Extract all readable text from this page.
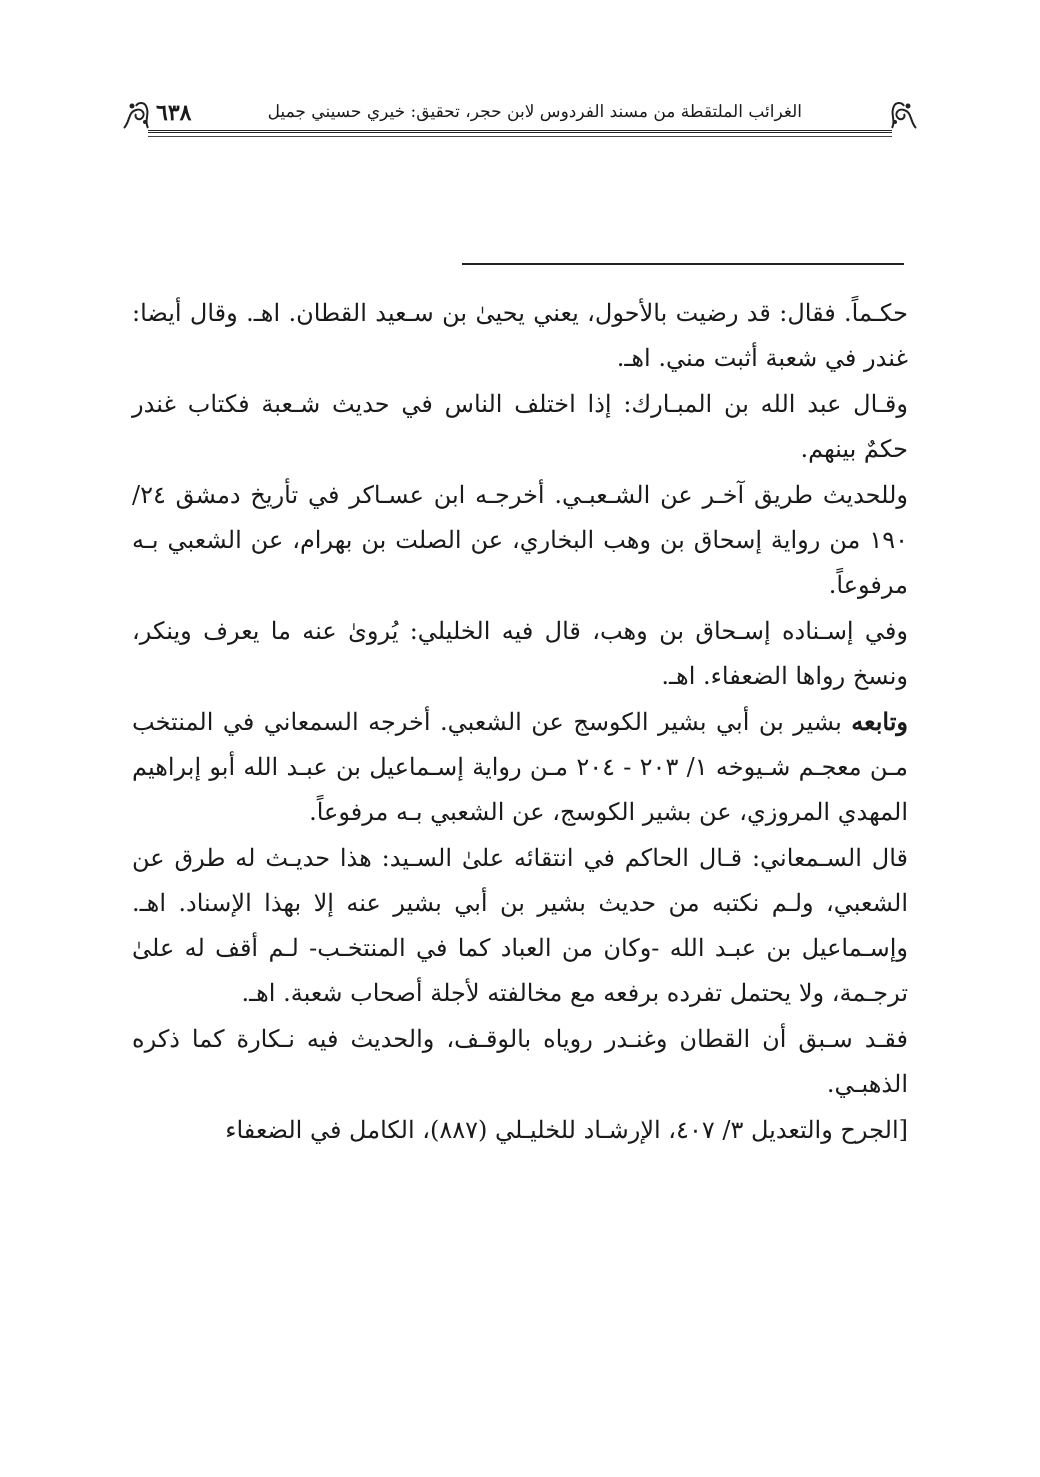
الغرائب الملتقطة من مسند الفردوس لابن حجر، تحقيق: خيري حسيني جميل
٦٣٨

حكـماً. فقال: قد رضيت بالأحول، يعني يحيىٰ بن سـعيد القطان. اهـ. وقال أيضا: غندر في شعبة أثبت مني. اهـ.

وقـال عبد الله بن المبـارك: إذا اختلف الناس في حديث شـعبة فكتاب غندر حكمٌ بينهم.

وللحديث طريق آخـر عن الشـعبـي. أخرجـه ابن عسـاكر في تأريخ دمشق ٢٤/ ١٩٠ من رواية إسحاق بن وهب البخاري، عن الصلت بن بهرام، عن الشعبي بـه مرفوعاً.

وفي إسـناده إسـحاق بن وهب، قال فيه الخليلي: يُروىٰ عنه ما يعرف وينكر، ونسخ رواها الضعفاء. اهـ.

وتابعه بشير بن أبي بشير الكوسج عن الشعبي. أخرجه السمعاني في المنتخب مـن معجـم شـيوخه ١/ ٢٠٣ - ٢٠٤ مـن رواية إسـماعيل بن عبـد الله أبو إبراهيم المهدي المروزي، عن بشير الكوسج، عن الشعبي بـه مرفوعاً.

قال السـمعاني: قـال الحاكم في انتقائه علىٰ السـيد: هذا حديـث له طرق عن الشعبي، ولـم نكتبه من حديث بشير بن أبي بشير عنه إلا بهذا الإسناد. اهـ. وإسـماعيل بن عبـد الله -وكان من العباد كما في المنتخـب- لـم أقف له علىٰ ترجـمة، ولا يحتمل تفرده برفعه مع مخالفته لأجلة أصحاب شعبة. اهـ.

فقـد سـبق أن القطان وغنـدر روياه بالوقـف، والحديث فيه نـكارة كما ذكره الذهبـي.

[الجرح والتعديل ٣/ ٤٠٧، الإرشـاد للخليـلي (٨٨٧)، الكامل في الضعفاء
